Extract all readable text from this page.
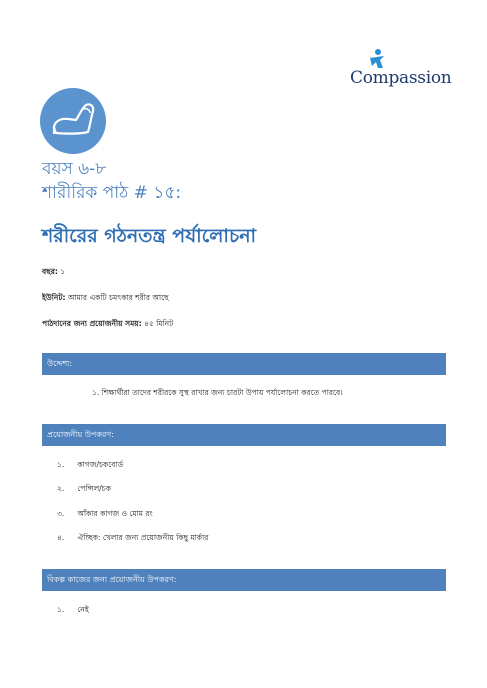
Compassion
বয়স ৬-৮
শারীরিক পাঠ # ১৫:
শরীরের গঠনতন্ত্র পর্যালোচনা
বছর: ১
ইউনিট: আমার একটি চমৎকার শরীর আছে
পাঠদানের জন্য প্রয়োজনীয় সময়: ৪৫ মিনিট
উদ্দেশ্য:
১. শিক্ষার্থীরা তাদের শরীরকে সুস্থ রাখার জন্য চারটা উপায় পর্যালোচনা করতে পারবে।
প্রয়োজনীয় উপকরণ:
১. কাগজ/চকবোর্ড
২. পেন্সিল/চক
৩. আঁকার কাগজ ও মোম রং
৪. ঐচ্ছিক: খেলার জন্য প্রয়োজনীয় কিছু মার্কার
বিকল্প কাজের জন্য প্রয়োজনীয় উপকরণ:
১. নেই
